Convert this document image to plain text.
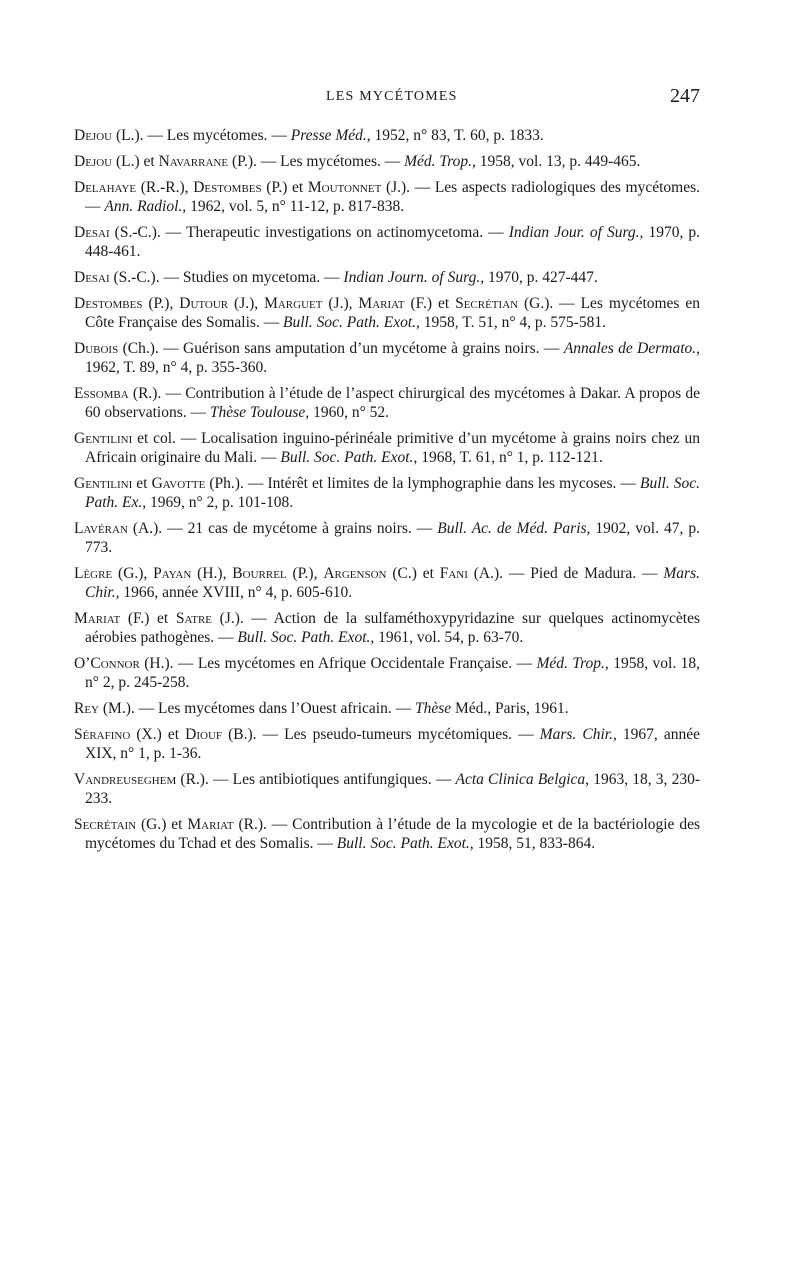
LES MYCÉTOMES	247

Dejou (L.). — Les mycétomes. — Presse Méd., 1952, n° 83, T. 60, p. 1833.

Dejou (L.) et Navarrane (P.). — Les mycétomes. — Méd. Trop., 1958, vol. 13, p. 449-465.

Delahaye (R.-R.), Destombes (P.) et Moutonnet (J.). — Les aspects radiologiques des mycétomes. — Ann. Radiol., 1962, vol. 5, n° 11-12, p. 817-838.

Desai (S.-C.). — Therapeutic investigations on actinomycetoma. — Indian Jour. of Surg., 1970, p. 448-461.

Desai (S.-C.). — Studies on mycetoma. — Indian Journ. of Surg., 1970, p. 427-447.

Destombes (P.), Dutour (J.), Marguet (J.), Mariat (F.) et Secrétian (G.). — Les mycétomes en Côte Française des Somalis. — Bull. Soc. Path. Exot., 1958, T. 51, n° 4, p. 575-581.

Dubois (Ch.). — Guérison sans amputation d’un mycétome à grains noirs. — Annales de Dermato., 1962, T. 89, n° 4, p. 355-360.

Essomba (R.). — Contribution à l’étude de l’aspect chirurgical des mycétomes à Dakar. A propos de 60 observations. — Thèse Toulouse, 1960, n° 52.

Gentilini et col. — Localisation inguino-périnéale primitive d’un mycétome à grains noirs chez un Africain originaire du Mali. — Bull. Soc. Path. Exot., 1968, T. 61, n° 1, p. 112-121.

Gentilini et Gavotte (Ph.). — Intérêt et limites de la lymphographie dans les mycoses. — Bull. Soc. Path. Ex., 1969, n° 2, p. 101-108.

Lavéran (A.). — 21 cas de mycétome à grains noirs. — Bull. Ac. de Méd. Paris, 1902, vol. 47, p. 773.

Lègre (G.), Payan (H.), Bourrel (P.), Argenson (C.) et Fani (A.). — Pied de Madura. — Mars. Chir., 1966, année XVIII, n° 4, p. 605-610.

Mariat (F.) et Satre (J.). — Action de la sulfaméthoxypyridazine sur quelques actinomycètes aérobies pathogènes. — Bull. Soc. Path. Exot., 1961, vol. 54, p. 63-70.

O’Connor (H.). — Les mycétomes en Afrique Occidentale Française. — Méd. Trop., 1958, vol. 18, n° 2, p. 245-258.

Rey (M.). — Les mycétomes dans l’Ouest africain. — Thèse Méd., Paris, 1961.

Sérafino (X.) et Diouf (B.). — Les pseudo-tumeurs mycétomiques. — Mars. Chir., 1967, année XIX, n° 1, p. 1-36.

Vandreuseghem (R.). — Les antibiotiques antifungiques. — Acta Clinica Belgica, 1963, 18, 3, 230-233.

Secrétain (G.) et Mariat (R.). — Contribution à l’étude de la mycologie et de la bactériologie des mycétomes du Tchad et des Somalis. — Bull. Soc. Path. Exot., 1958, 51, 833-864.
